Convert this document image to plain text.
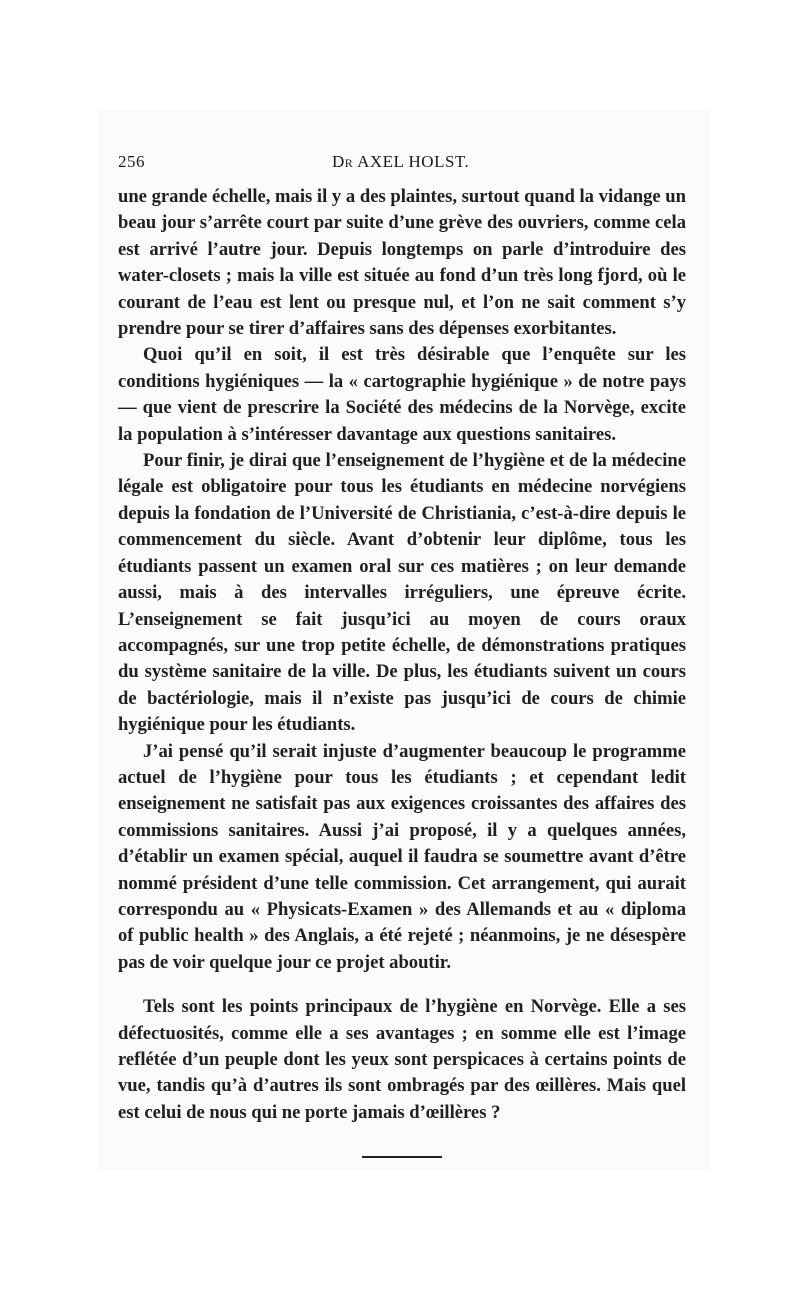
256	Dr AXEL HOLST.

une grande échelle, mais il y a des plaintes, surtout quand la vidange un beau jour s’arrête court par suite d’une grève des ouvriers, comme cela est arrivé l’autre jour. Depuis longtemps on parle d’introduire des water-closets ; mais la ville est située au fond d’un très long fjord, où le courant de l’eau est lent ou presque nul, et l’on ne sait comment s’y prendre pour se tirer d’affaires sans des dépenses exorbitantes.

Quoi qu’il en soit, il est très désirable que l’enquête sur les conditions hygiéniques — la « cartographie hygiénique » de notre pays — que vient de prescrire la Société des médecins de la Norvège, excite la population à s’intéresser davantage aux questions sanitaires.

Pour finir, je dirai que l’enseignement de l’hygiène et de la médecine légale est obligatoire pour tous les étudiants en médecine norvégiens depuis la fondation de l’Université de Christiania, c’est-à-dire depuis le commencement du siècle. Avant d’obtenir leur diplôme, tous les étudiants passent un examen oral sur ces matières ; on leur demande aussi, mais à des intervalles irréguliers, une épreuve écrite. L’enseignement se fait jusqu’ici au moyen de cours oraux accompagnés, sur une trop petite échelle, de démonstrations pratiques du système sanitaire de la ville. De plus, les étudiants suivent un cours de bactériologie, mais il n’existe pas jusqu’ici de cours de chimie hygiénique pour les étudiants.

J’ai pensé qu’il serait injuste d’augmenter beaucoup le programme actuel de l’hygiène pour tous les étudiants ; et cependant ledit enseignement ne satisfait pas aux exigences croissantes des affaires des commissions sanitaires. Aussi j’ai proposé, il y a quelques années, d’établir un examen spécial, auquel il faudra se soumettre avant d’être nommé président d’une telle commission. Cet arrangement, qui aurait correspondu au « Physicats-Examen » des Allemands et au « diploma of public health » des Anglais, a été rejeté ; néanmoins, je ne désespère pas de voir quelque jour ce projet aboutir.

Tels sont les points principaux de l’hygiène en Norvège. Elle a ses défectuosités, comme elle a ses avantages ; en somme elle est l’image reflétée d’un peuple dont les yeux sont perspicaces à certains points de vue, tandis qu’à d’autres ils sont ombragés par des œillères. Mais quel est celui de nous qui ne porte jamais d’œillères ?
